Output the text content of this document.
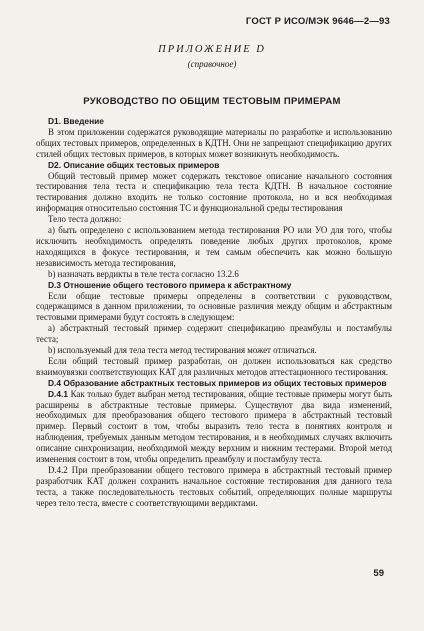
ГОСТ Р ИСО/МЭК 9646—2—93
ПРИЛОЖЕНИЕ D
(справочное)
РУКОВОДСТВО ПО ОБЩИМ ТЕСТОВЫМ ПРИМЕРАМ

D1. Введение

В этом приложении содержатся руководящие материалы по разработке и использованию общих тестовых примеров, определенных в КДТН. Они не запрещают спецификацию других стилей общих тестовых примеров, в которых может возникнуть необходимость.

D2. Описание общих тестовых примеров

Общий тестовый пример может содержать текстовое описание начального состояния тестирования тела теста и спецификацию тела теста КДТН. В начальное состояние тестирования должно входить не только состояние протокола, но и вся необходимая информация относительно состояния ТС и функциональной среды тестирования

Тело теста должно:

а) быть определено с использованием метода тестирования РО или УО для того, чтобы исключить необходимость определять поведение любых других протоколов, кроме находящихся в фокусе тестирования, и тем самым обеспечить как можно большую независимость метода тестирования,

b) назначать вердикты в теле теста согласно 13.2.6

D.3 Отношение общего тестового примера к абстрактному

Если общие тестовые примеры определены в соответствии с руководством, содержащимся в данном приложении, то основные различия между общим и абстрактным тестовыми примерами будут состоять в следующем:

а) абстрактный тестовый пример содержит спецификацию преамбулы и постамбулы теста;

b) используемый для тела теста метод тестирования может отличаться.

Если общий тестовый пример разработан, он должен использоваться как средство взаимоувязки соответствующих КАТ для различных методов аттестационного тестирования.

D.4 Образование абстрактных тестовых примеров из общих тестовых примеров

D.4.1 Как только будет выбран метод тестирования, общие тестовые примеры могут быть расширены в абстрактные тестовые примеры. Существуют два вида изменений, необходимых для преобразования общего тестового примера в абстрактный тестовый пример. Первый состоит в том, чтобы выразить тело теста в понятиях контроля и наблюдения, требуемых данным методом тестирования, и в необходимых случаях включить описание синхронизации, необходимой между верхним и нижним тестерами. Второй метод изменения состоит в том, чтобы определить преамбулу и постамбулу теста.

D.4.2 При преобразовании общего тестового примера в абстрактный тестовый пример разработчик КАТ должен сохранить начальное состояние тестирования для данного тела теста, а также последовательность тестовых событий, определяющих полные маршруты через тело теста, вместе с соответствующими вердиктами.

59
